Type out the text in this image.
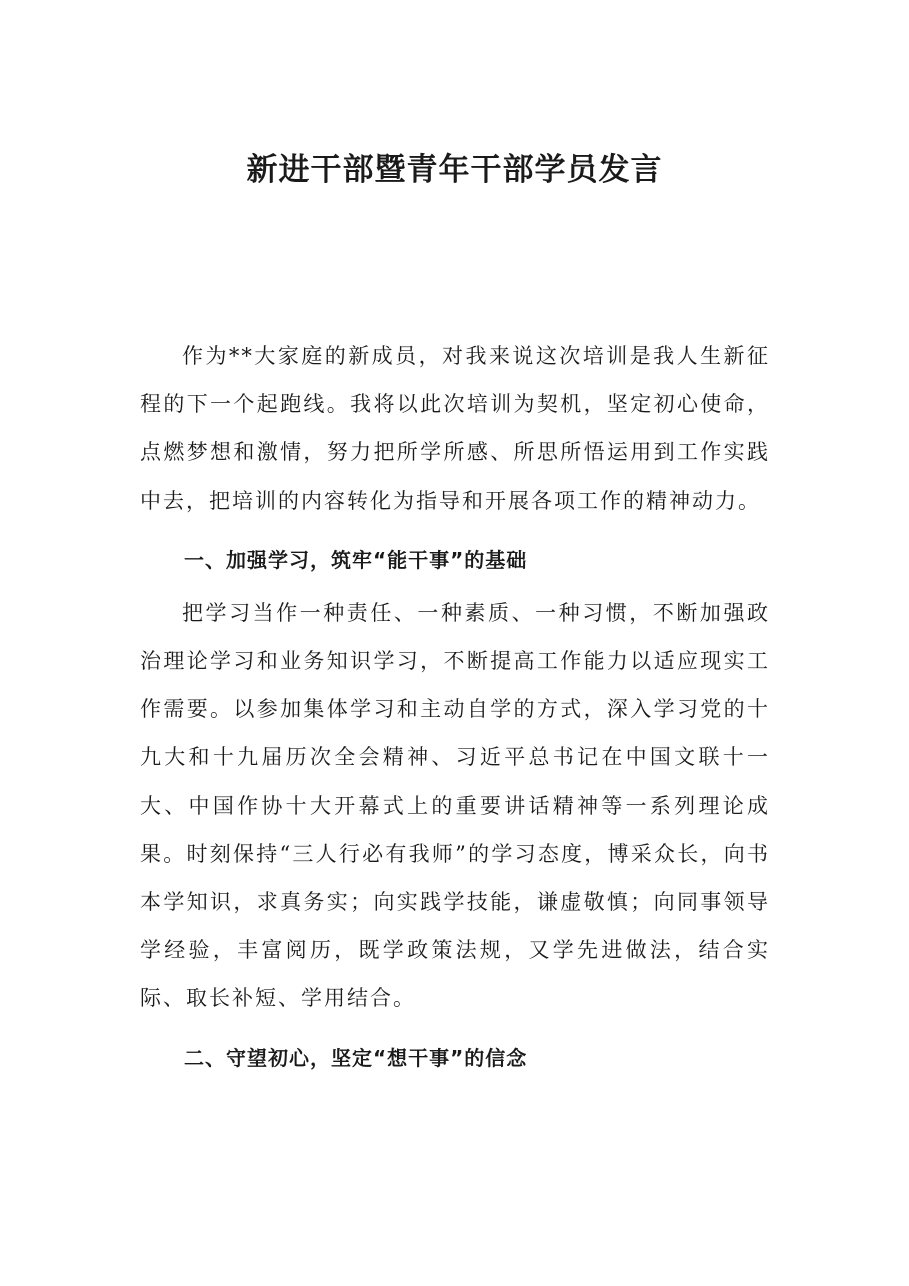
新进干部暨青年干部学员发言

作为**大家庭的新成员，对我来说这次培训是我人生新征程的下一个起跑线。我将以此次培训为契机，坚定初心使命，点燃梦想和激情，努力把所学所感、所思所悟运用到工作实践中去，把培训的内容转化为指导和开展各项工作的精神动力。

一、加强学习，筑牢“能干事”的基础

把学习当作一种责任、一种素质、一种习惯，不断加强政治理论学习和业务知识学习，不断提高工作能力以适应现实工作需要。以参加集体学习和主动自学的方式，深入学习党的十九大和十九届历次全会精神、习近平总书记在中国文联十一大、中国作协十大开幕式上的重要讲话精神等一系列理论成果。时刻保持“三人行必有我师”的学习态度，博采众长，向书本学知识，求真务实；向实践学技能，谦虚敬慎；向同事领导学经验，丰富阅历，既学政策法规，又学先进做法，结合实际、取长补短、学用结合。

二、守望初心，坚定“想干事”的信念
